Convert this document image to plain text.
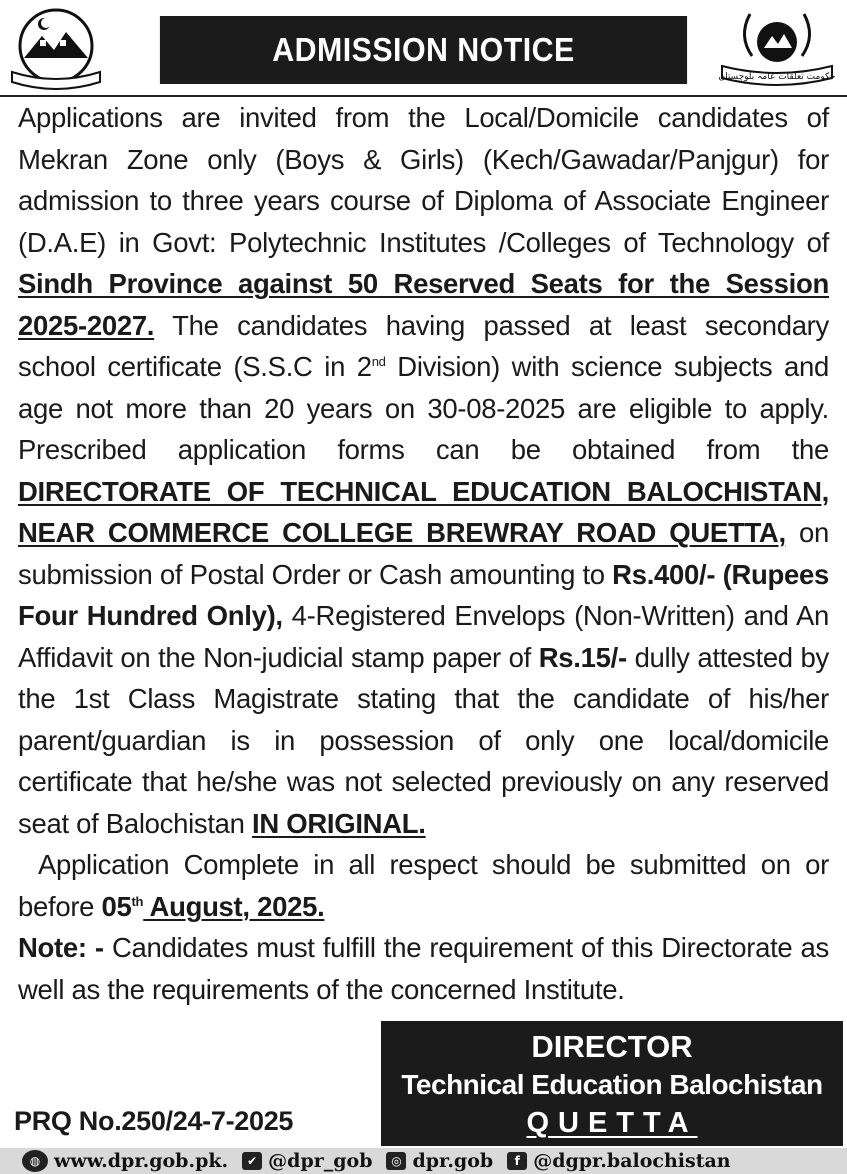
ADMISSION NOTICE
حکومت تعلقات عامہ بلوچستان

Applications are invited from the Local/Domicile candidates of Mekran Zone only (Boys & Girls) (Kech/Gawadar/Panjgur) for admission to three years course of Diploma of Associate Engineer (D.A.E) in Govt: Polytechnic Institutes /Colleges of Technology of Sindh Province against 50 Reserved Seats for the Session 2025-2027. The candidates having passed at least secondary school certificate (S.S.C in 2nd Division) with science subjects and age not more than 20 years on 30-08-2025 are eligible to apply. Prescribed application forms can be obtained from the DIRECTORATE OF TECHNICAL EDUCATION BALOCHISTAN, NEAR COMMERCE COLLEGE BREWRAY ROAD QUETTA, on submission of Postal Order or Cash amounting to Rs.400/- (Rupees Four Hundred Only), 4-Registered Envelops (Non-Written) and An Affidavit on the Non-judicial stamp paper of Rs.15/- dully attested by the 1st Class Magistrate stating that the candidate of his/her parent/guardian is in possession of only one local/domicile certificate that he/she was not selected previously on any reserved seat of Balochistan IN ORIGINAL.

Application Complete in all respect should be submitted on or before 05th August, 2025.

Note: - Candidates must fulfill the requirement of this Directorate as well as the requirements of the concerned Institute.

DIRECTOR
Technical Education Balochistan
QUETTA
PRQ No.250/24-7-2025
◍ www.dpr.gob.pk.	✔ @dpr_gob	◎ dpr.gob	f @dgpr.balochistan
